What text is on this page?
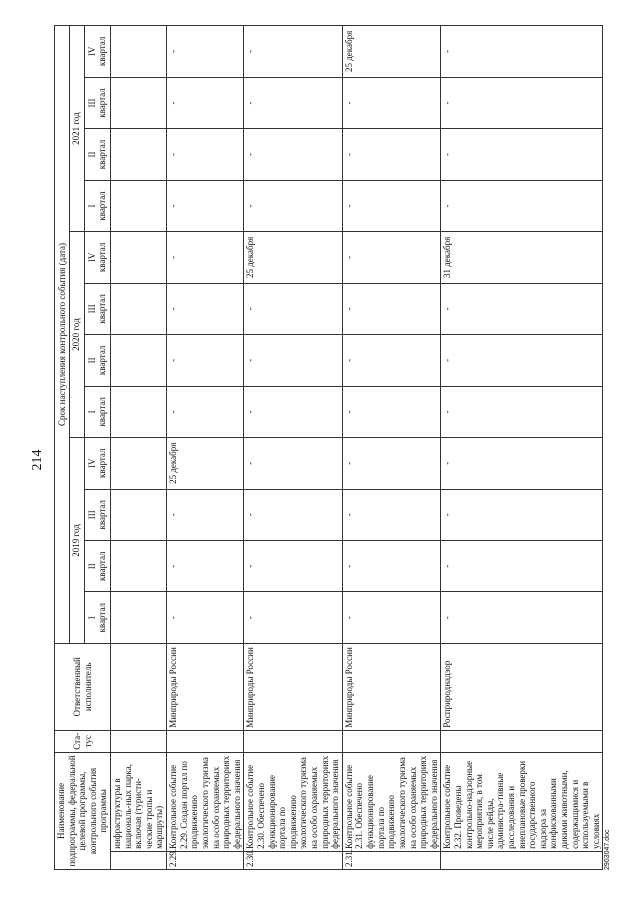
214
Наименование подпрограммы, федеральной целевой программы, контрольного события программы		Ста-тус	Ответственный исполнитель	Срок наступления контрольного события (дата)											
				2019 год				2020 год				2021 год			

				I квартал	II квартал	III квартал	IV квартал	I квартал	II квартал	III квартал	IV квартал	I квартал	II квартал	III квартал	IV квартал

	инфраструктуры в националь-ных парка, включая (туристи-ческие тропы и маршруты)														
2.29.	Контрольное событие 2.29. Создан портал по продвижению экологического туризма на особо охраняемых природных территориях федерального значения		Минприроды России	-	-	-	25 декабря	-	-	-	-	-	-	-	-
2.30.	Контрольное событие 2.30. Обеспечено функционирование портала по продвижению экологического туризма на особо охраняемых природных территориях федерального значения		Минприроды России	-	-	-	-	-	-	-	25 декабря	-	-	-	-
2.31.	Контрольное событие 2.31. Обеспечено функционирование портала по продвижению экологического туризма на особо охраняемых природных территориях федерального значения		Минприроды России	-	-	-	-	-	-	-	-	-	-	-	25 декабря
	Контрольное событие 2.32. Проведены контрольно-надзорные мероприятия, в том числе рейды, администра-тивные расследования и внеплановые проверки государственного надзора за конфискованными дикими животными, содержащимися и используемыми в условиях		Росприроднадзор	-	-	-	-	-	-	-	31 декабря	-	-	-	-
2903047.doc
